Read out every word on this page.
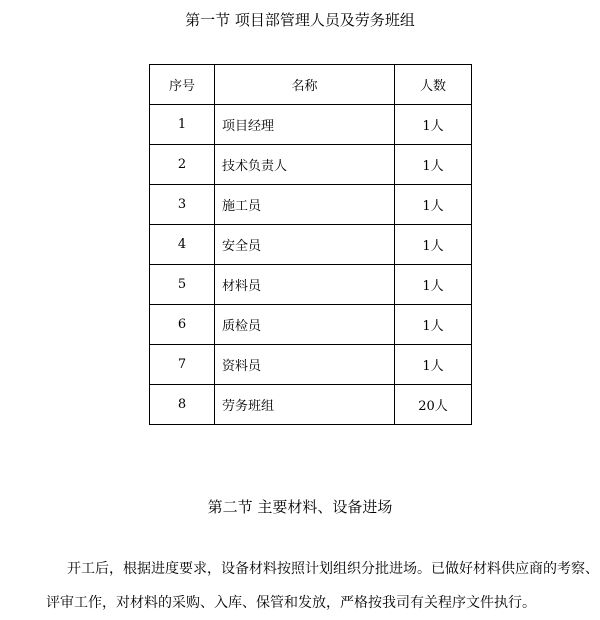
第一节 项目部管理人员及劳务班组
序号	名称	人数
1	项目经理	1人
2	技术负责人	1人
3	施工员	1人
4	安全员	1人
5	材料员	1人
6	质检员	1人
7	资料员	1人
8	劳务班组	20人
第二节 主要材料、设备进场
开工后，根据进度要求，设备材料按照计划组织分批进场。已做好材料供应商的考察、
评审工作，对材料的采购、入库、保管和发放，严格按我司有关程序文件执行。
